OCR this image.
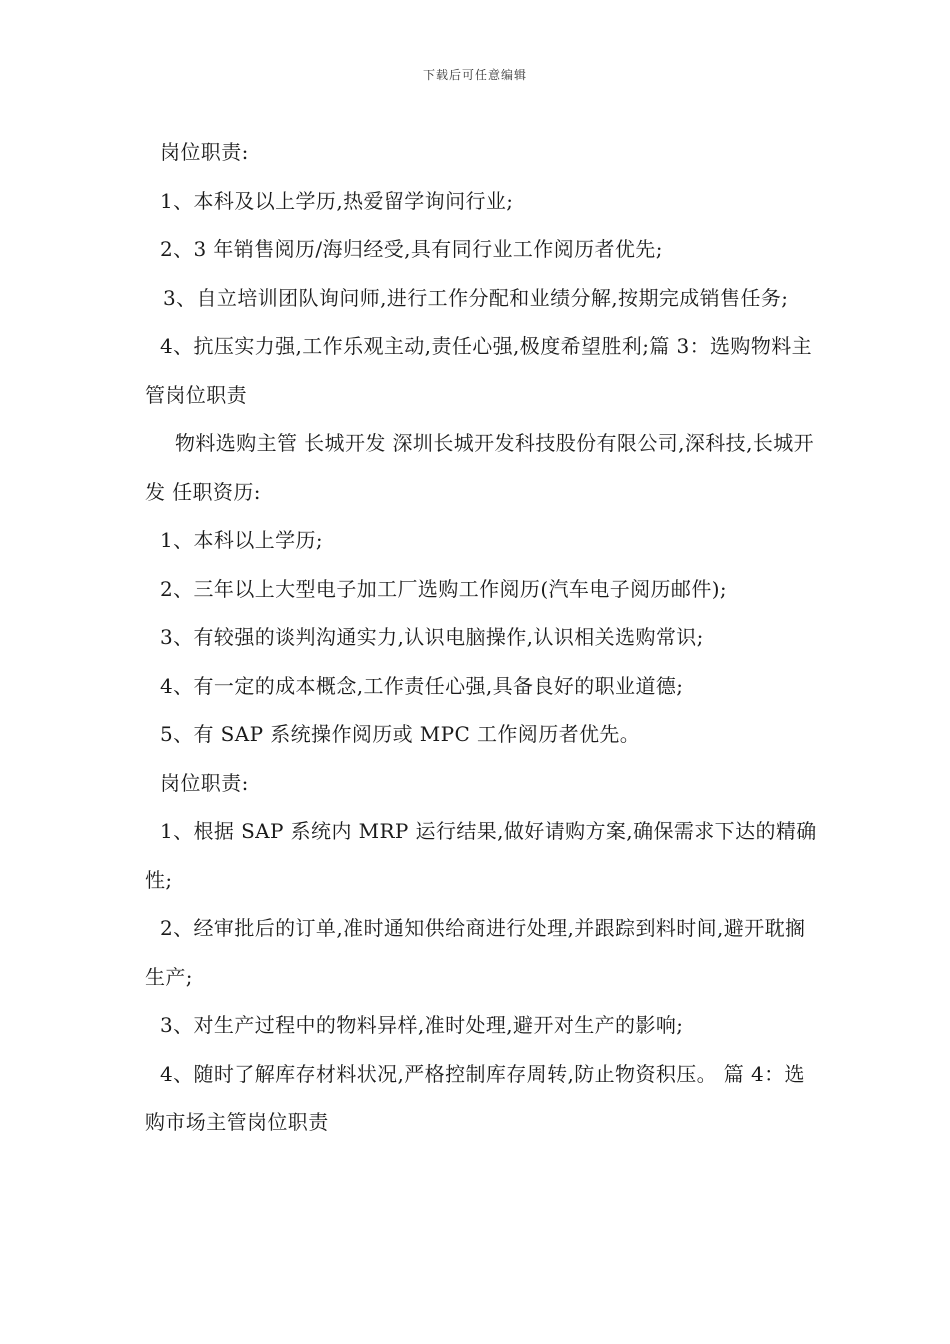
下载后可任意编辑

岗位职责:

1、本科及以上学历,热爱留学询问行业;

2、3 年销售阅历/海归经受,具有同行业工作阅历者优先;

3、自立培训团队询问师,进行工作分配和业绩分解,按期完成销售任务;

4、抗压实力强,工作乐观主动,责任心强,极度希望胜利;篇 3：选购物料主管岗位职责

物料选购主管 长城开发 深圳长城开发科技股份有限公司,深科技,长城开发 任职资历:

1、本科以上学历;

2、三年以上大型电子加工厂选购工作阅历(汽车电子阅历邮件);

3、有较强的谈判沟通实力,认识电脑操作,认识相关选购常识;

4、有一定的成本概念,工作责任心强,具备良好的职业道德;

5、有 SAP 系统操作阅历或 MPC 工作阅历者优先。

岗位职责:

1、根据 SAP 系统内 MRP 运行结果,做好请购方案,确保需求下达的精确性;

2、经审批后的订单,准时通知供给商进行处理,并跟踪到料时间,避开耽搁生产;

3、对生产过程中的物料异样,准时处理,避开对生产的影响;

4、随时了解库存材料状况,严格控制库存周转,防止物资积压。 篇 4：选购市场主管岗位职责
